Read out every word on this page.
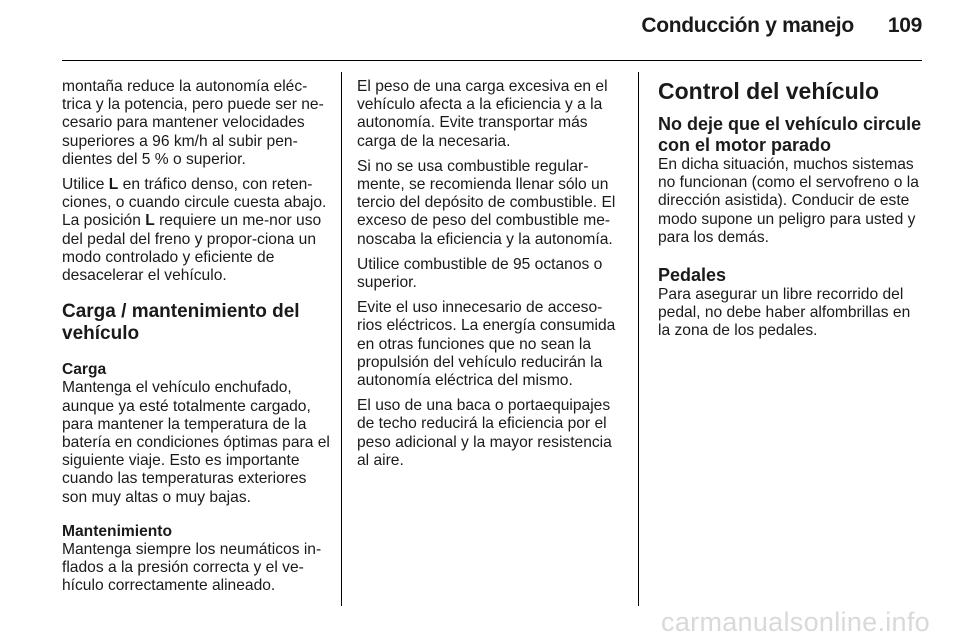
Conducción y manejo 109

montaña reduce la autonomía eléc-trica y la potencia, pero puede ser ne-cesario para mantener velocidades superiores a 96 km/h al subir pen-dientes del 5 % o superior.

Utilice L en tráfico denso, con reten-ciones, o cuando circule cuesta abajo. La posición L requiere un me-nor uso del pedal del freno y propor-ciona un modo controlado y eficiente de desacelerar el vehículo.

Carga / mantenimiento del vehículo
Carga

Mantenga el vehículo enchufado, aunque ya esté totalmente cargado, para mantener la temperatura de la batería en condiciones óptimas para el siguiente viaje. Esto es importante cuando las temperaturas exteriores son muy altas o muy bajas.

Mantenimiento

Mantenga siempre los neumáticos in-flados a la presión correcta y el ve-hículo correctamente alineado.

El peso de una carga excesiva en el vehículo afecta a la eficiencia y a la autonomía. Evite transportar más carga de la necesaria.

Si no se usa combustible regular-mente, se recomienda llenar sólo un tercio del depósito de combustible. El exceso de peso del combustible me-noscaba la eficiencia y la autonomía.

Utilice combustible de 95 octanos o superior.

Evite el uso innecesario de acceso-rios eléctricos. La energía consumida en otras funciones que no sean la propulsión del vehículo reducirán la autonomía eléctrica del mismo.

El uso de una baca o portaequipajes de techo reducirá la eficiencia por el peso adicional y la mayor resistencia al aire.

Control del vehículo
No deje que el vehículo circule con el motor parado

En dicha situación, muchos sistemas no funcionan (como el servofreno o la dirección asistida). Conducir de este modo supone un peligro para usted y para los demás.

Pedales

Para asegurar un libre recorrido del pedal, no debe haber alfombrillas en la zona de los pedales.

carmanualsonline.info
